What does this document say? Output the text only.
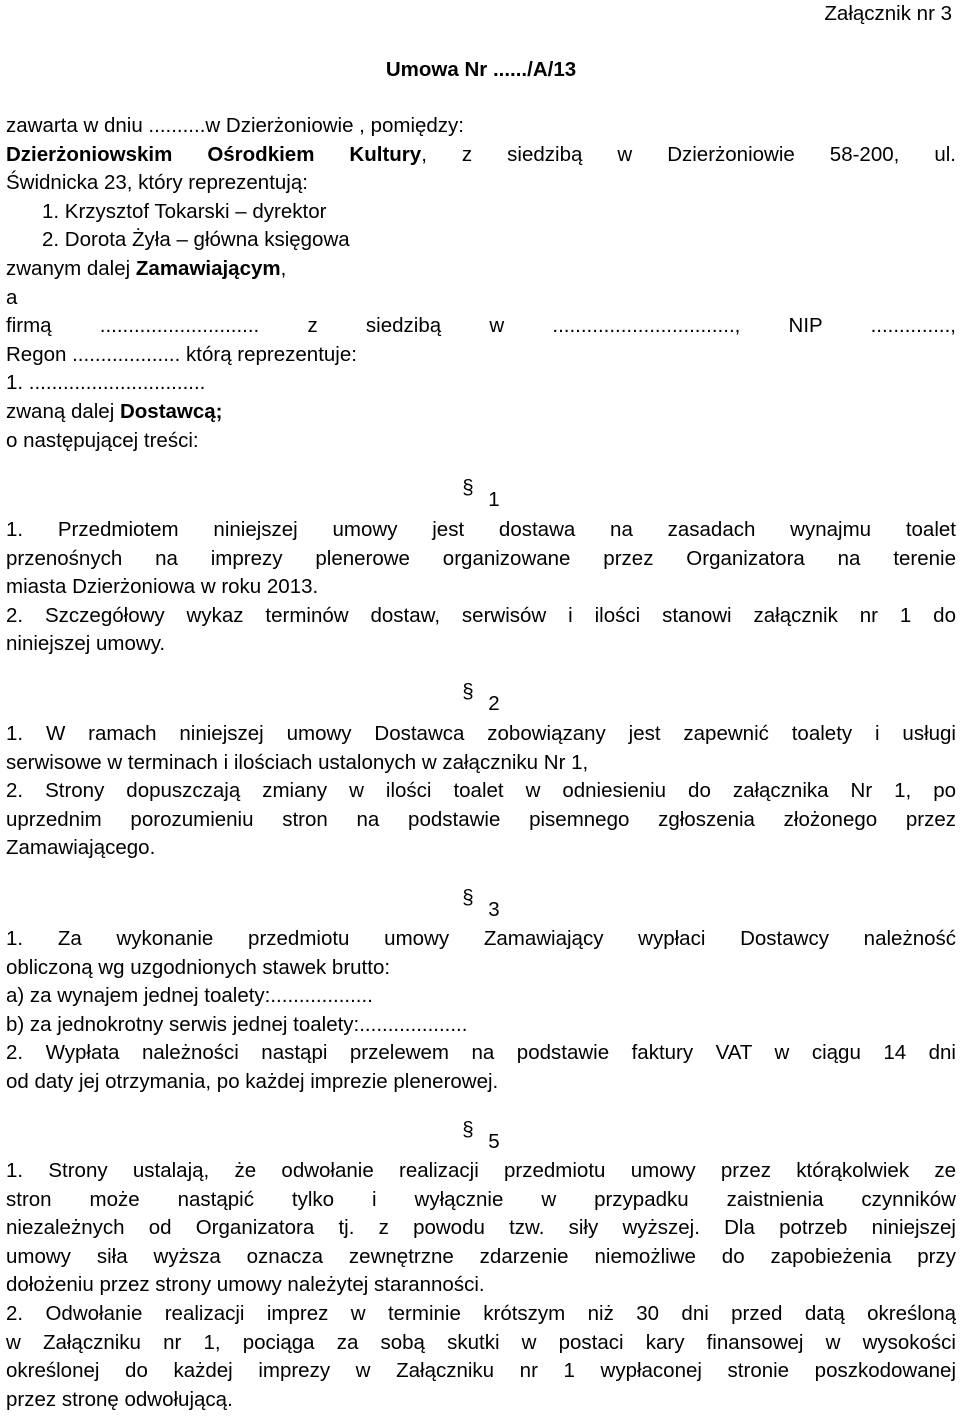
Załącznik nr 3
Umowa Nr ....../A/13
zawarta w dniu ..........w Dzierżoniowie , pomiędzy:
Dzierżoniowskim Ośrodkiem Kultury, z siedzibą w Dzierżoniowie 58-200, ul.
Świdnicka 23, który reprezentują:
1. Krzysztof Tokarski – dyrektor
2. Dorota Żyła – główna księgowa
zwanym dalej Zamawiającym,
a
firmą ............................ z siedzibą w ................................, NIP ..............,
Regon ................... którą reprezentuje:
1. ...............................
zwaną dalej Dostawcą;
o następującej treści:
§ 1
1. Przedmiotem niniejszej umowy jest dostawa na zasadach wynajmu toalet
przenośnych na imprezy plenerowe organizowane przez Organizatora na terenie
miasta Dzierżoniowa w roku 2013.
2. Szczegółowy wykaz terminów dostaw, serwisów i ilości stanowi załącznik nr 1 do
niniejszej umowy.
§ 2
1. W ramach niniejszej umowy Dostawca zobowiązany jest zapewnić toalety i usługi
serwisowe w terminach i ilościach ustalonych w załączniku Nr 1,
2. Strony dopuszczają zmiany w ilości toalet w odniesieniu do załącznika Nr 1, po
uprzednim porozumieniu stron na podstawie pisemnego zgłoszenia złożonego przez
Zamawiającego.
§ 3
1. Za wykonanie przedmiotu umowy Zamawiający wypłaci Dostawcy należność
obliczoną wg uzgodnionych stawek brutto:
a) za wynajem jednej toalety:..................
b) za jednokrotny serwis jednej toalety:...................
2. Wypłata należności nastąpi przelewem na podstawie faktury VAT w ciągu 14 dni
od daty jej otrzymania, po każdej imprezie plenerowej.
§ 5
1. Strony ustalają, że odwołanie realizacji przedmiotu umowy przez którąkolwiek ze
stron może nastąpić tylko i wyłącznie w przypadku zaistnienia czynników
niezależnych od Organizatora tj. z powodu tzw. siły wyższej. Dla potrzeb niniejszej
umowy siła wyższa oznacza zewnętrzne zdarzenie niemożliwe do zapobieżenia przy
dołożeniu przez strony umowy należytej staranności.
2. Odwołanie realizacji imprez w terminie krótszym niż 30 dni przed datą określoną
w Załączniku nr 1, pociąga za sobą skutki w postaci kary finansowej w wysokości
określonej do każdej imprezy w Załączniku nr 1 wypłaconej stronie poszkodowanej
przez stronę odwołującą.
